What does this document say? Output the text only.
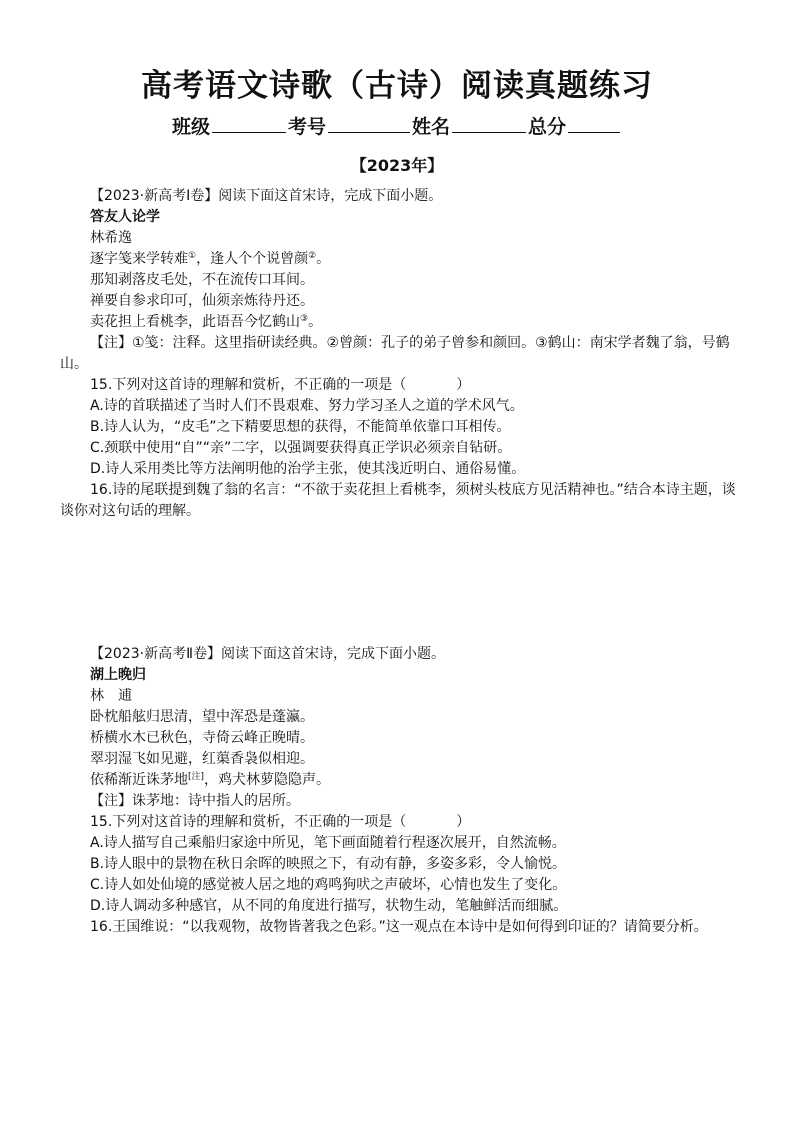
高考语文诗歌（古诗）阅读真题练习
班级	考号	姓名	总分
【2023年】

【2023·新高考Ⅰ卷】阅读下面这首宋诗，完成下面小题。

答友人论学

林希逸

逐字笺来学转难①，逢人个个说曾颜②。

那知剥落皮毛处，不在流传口耳间。

禅要自参求印可，仙须亲炼待丹还。

卖花担上看桃李，此语吾今忆鹤山③。

【注】①笺：注释。这里指研读经典。②曾颜：孔子的弟子曾参和颜回。③鹤山：南宋学者魏了翁，号鹤山。

15.下列对这首诗的理解和赏析，不正确的一项是（	）

A.诗的首联描述了当时人们不畏艰难、努力学习圣人之道的学术风气。

B.诗人认为，“皮毛”之下精要思想的获得，不能简单依靠口耳相传。

C.颈联中使用“自”“亲”二字，以强调要获得真正学识必须亲自钻研。

D.诗人采用类比等方法阐明他的治学主张，使其浅近明白、通俗易懂。

16.诗的尾联提到魏了翁的名言：“不欲于卖花担上看桃李，须树头枝底方见活精神也。”结合本诗主题，谈谈你对这句话的理解。

【2023·新高考Ⅱ卷】阅读下面这首宋诗，完成下面小题。

湖上晚归

林　逋

卧枕船舷归思清，望中浑恐是蓬瀛。

桥横水木已秋色，寺倚云峰正晚晴。

翠羽湿飞如见避，红蕖香袅似相迎。

依稀渐近诛茅地[注]，鸡犬林萝隐隐声。

【注】诛茅地：诗中指人的居所。

15.下列对这首诗的理解和赏析，不正确的一项是（	）

A.诗人描写自己乘船归家途中所见，笔下画面随着行程逐次展开，自然流畅。

B.诗人眼中的景物在秋日余晖的映照之下，有动有静，多姿多彩，令人愉悦。

C.诗人如处仙境的感觉被人居之地的鸡鸣狗吠之声破坏，心情也发生了变化。

D.诗人调动多种感官，从不同的角度进行描写，状物生动，笔触鲜活而细腻。

16.王国维说：“以我观物，故物皆著我之色彩。”这一观点在本诗中是如何得到印证的？请简要分析。
